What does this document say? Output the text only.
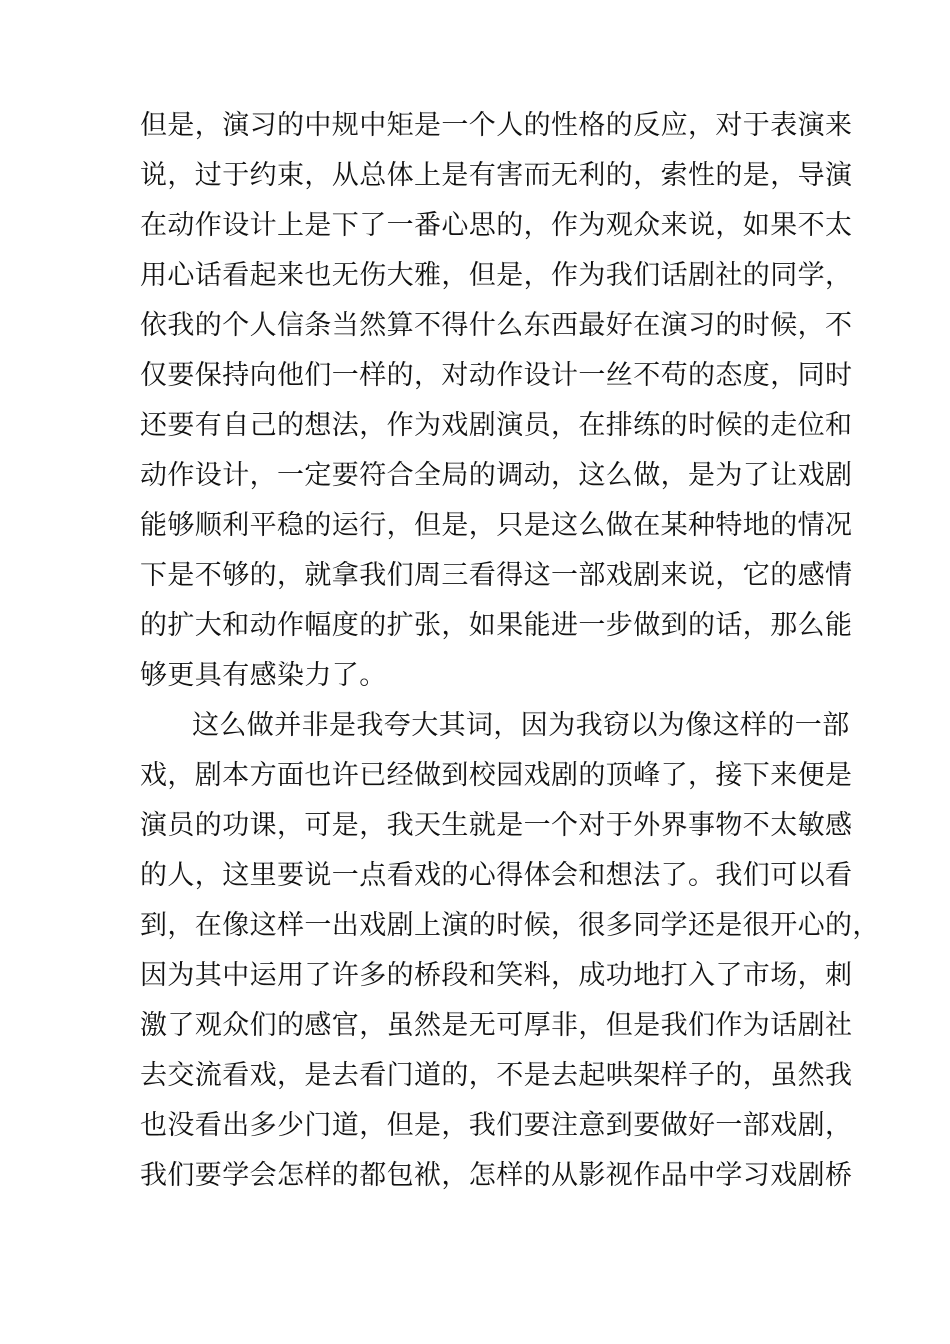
但是，演习的中规中矩是一个人的性格的反应，对于表演来
说，过于约束，从总体上是有害而无利的，索性的是，导演
在动作设计上是下了一番心思的，作为观众来说，如果不太
用心话看起来也无伤大雅，但是，作为我们话剧社的同学，
依我的个人信条当然算不得什么东西最好在演习的时候，不
仅要保持向他们一样的，对动作设计一丝不苟的态度，同时
还要有自己的想法，作为戏剧演员，在排练的时候的走位和
动作设计，一定要符合全局的调动，这么做，是为了让戏剧
能够顺利平稳的运行，但是，只是这么做在某种特地的情况
下是不够的，就拿我们周三看得这一部戏剧来说，它的感情
的扩大和动作幅度的扩张，如果能进一步做到的话，那么能
够更具有感染力了。
这么做并非是我夸大其词，因为我窃以为像这样的一部
戏，剧本方面也许已经做到校园戏剧的顶峰了，接下来便是
演员的功课，可是，我天生就是一个对于外界事物不太敏感
的人，这里要说一点看戏的心得体会和想法了。我们可以看
到，在像这样一出戏剧上演的时候，很多同学还是很开心的，
因为其中运用了许多的桥段和笑料，成功地打入了市场，刺
激了观众们的感官，虽然是无可厚非，但是我们作为话剧社
去交流看戏，是去看门道的，不是去起哄架样子的，虽然我
也没看出多少门道，但是，我们要注意到要做好一部戏剧，
我们要学会怎样的都包袱，怎样的从影视作品中学习戏剧桥
